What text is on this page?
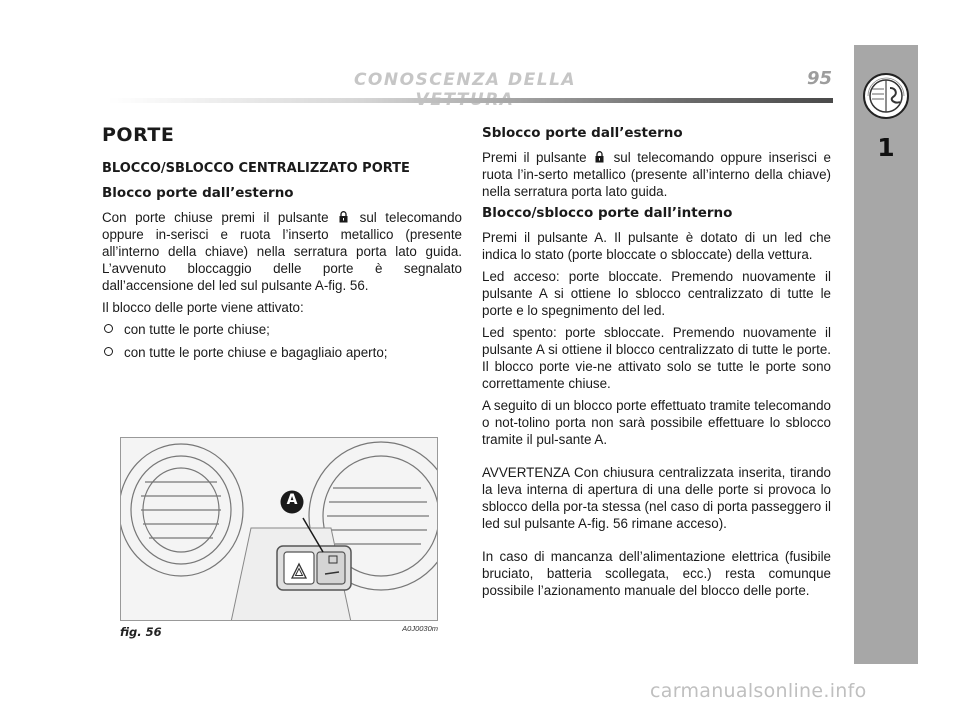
CONOSCENZA DELLA	95
1
PORTE
BLOCCO/SBLOCCO CENTRALIZZATO PORTE
Blocco porte dall’esterno

Con porte chiuse premi il pulsante sul telecomando oppure in-serisci e ruota l’inserto metallico (presente all’interno della chiave) nella serratura porta lato guida. L’avvenuto bloccaggio delle porte è segnalato dall’accensione del led sul pulsante A-fig. 56.

Il blocco delle porte viene attivato:

con tutte le porte chiuse;
con tutte le porte chiuse e bagagliaio aperto;
Sblocco porte dall’esterno

Premi il pulsante sul telecomando oppure inserisci e ruota l’in-serto metallico (presente all’interno della chiave) nella serratura porta lato guida.

Blocco/sblocco porte dall’interno

Premi il pulsante A. Il pulsante è dotato di un led che indica lo stato (porte bloccate o sbloccate) della vettura.

Led acceso: porte bloccate. Premendo nuovamente il pulsante A si ottiene lo sblocco centralizzato di tutte le porte e lo spegnimento del led.

Led spento: porte sbloccate. Premendo nuovamente il pulsante A si ottiene il blocco centralizzato di tutte le porte. Il blocco porte vie-ne attivato solo se tutte le porte sono correttamente chiuse.

A seguito di un blocco porte effettuato tramite telecomando o not-tolino porta non sarà possibile effettuare lo sblocco tramite il pul-sante A.

AVVERTENZA Con chiusura centralizzata inserita, tirando la leva interna di apertura di una delle porte si provoca lo sblocco della por-ta stessa (nel caso di porta passeggero il led sul pulsante A-fig. 56 rimane acceso).

In caso di mancanza dell’alimentazione elettrica (fusibile bruciato, batteria scollegata, ecc.) resta comunque possibile l’azionamento manuale del blocco delle porte.

A
fig. 56	A0J0030m
carmanualsonline.info
